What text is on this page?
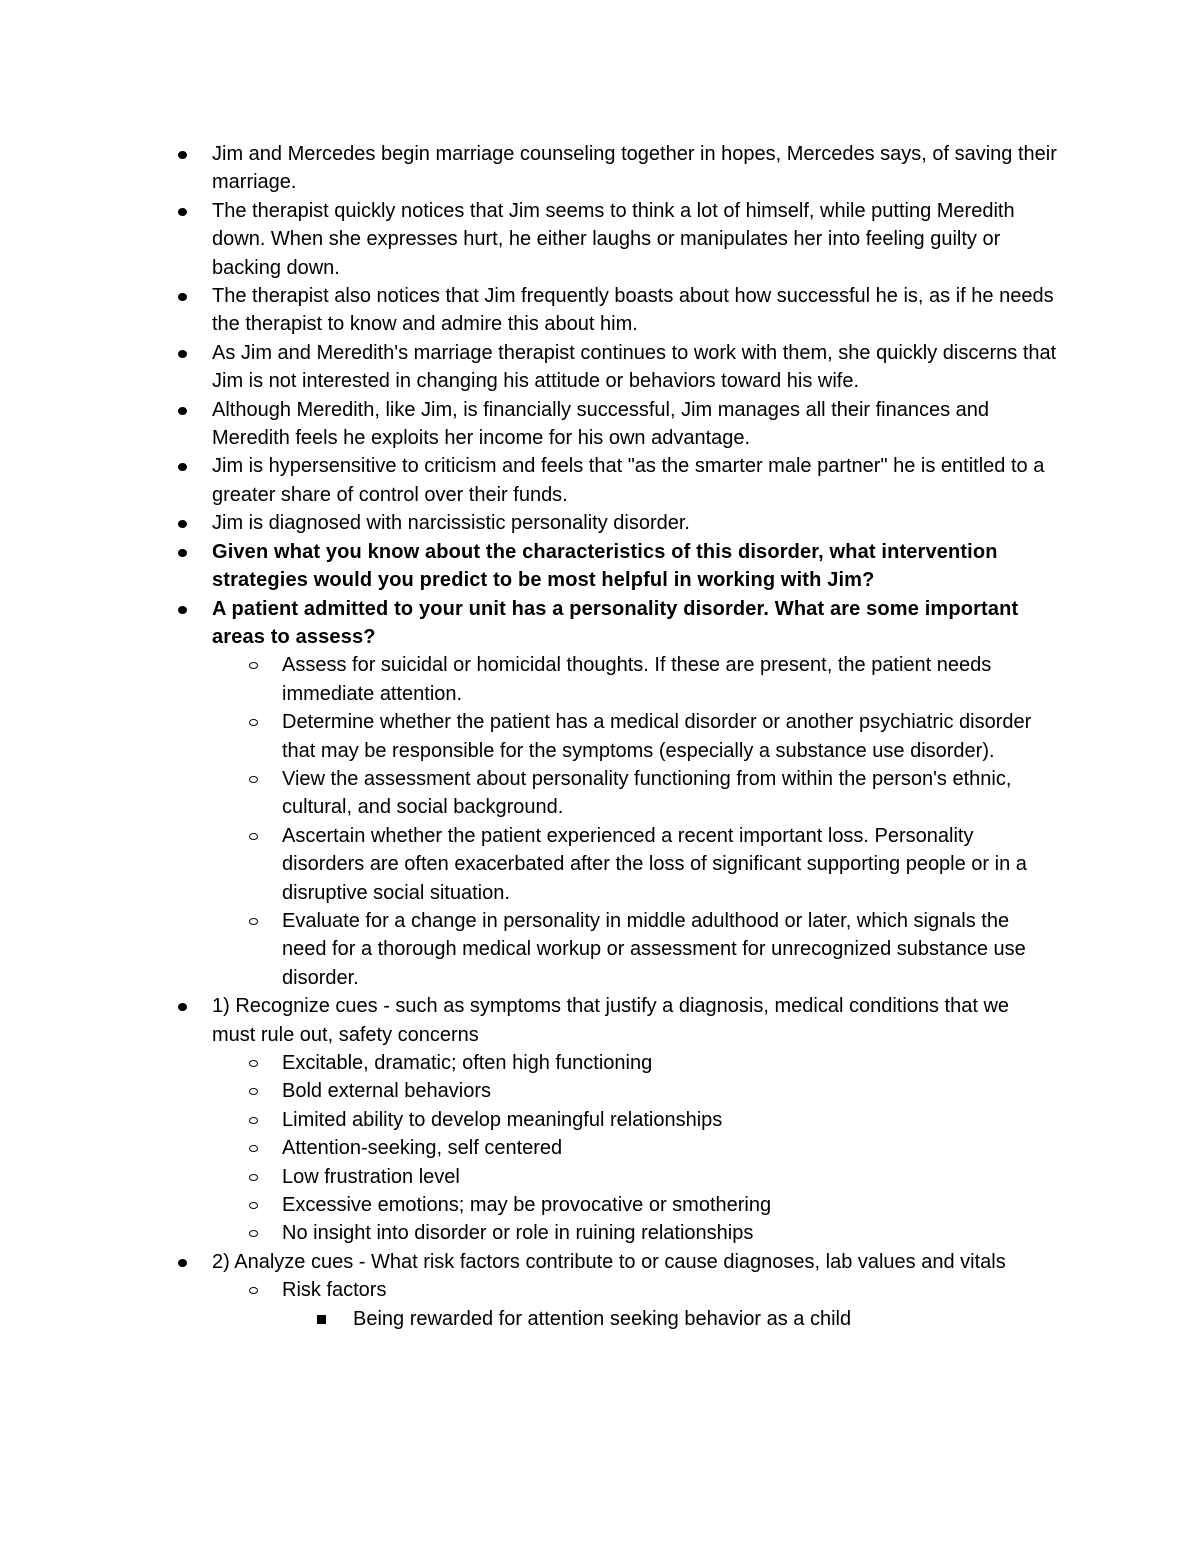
Jim and Mercedes begin marriage counseling together in hopes, Mercedes says, of saving their marriage.
The therapist quickly notices that Jim seems to think a lot of himself, while putting Meredith down. When she expresses hurt, he either laughs or manipulates her into feeling guilty or backing down.
The therapist also notices that Jim frequently boasts about how successful he is, as if he needs the therapist to know and admire this about him.
As Jim and Meredith's marriage therapist continues to work with them, she quickly discerns that Jim is not interested in changing his attitude or behaviors toward his wife.
Although Meredith, like Jim, is financially successful, Jim manages all their finances and Meredith feels he exploits her income for his own advantage.
Jim is hypersensitive to criticism and feels that "as the smarter male partner" he is entitled to a greater share of control over their funds.
Jim is diagnosed with narcissistic personality disorder.
Given what you know about the characteristics of this disorder, what intervention strategies would you predict to be most helpful in working with Jim?
A patient admitted to your unit has a personality disorder. What are some important areas to assess?
Assess for suicidal or homicidal thoughts. If these are present, the patient needs immediate attention.
Determine whether the patient has a medical disorder or another psychiatric disorder that may be responsible for the symptoms (especially a substance use disorder).
View the assessment about personality functioning from within the person's ethnic, cultural, and social background.
Ascertain whether the patient experienced a recent important loss. Personality disorders are often exacerbated after the loss of significant supporting people or in a disruptive social situation.
Evaluate for a change in personality in middle adulthood or later, which signals the need for a thorough medical workup or assessment for unrecognized substance use disorder.
1) Recognize cues - such as symptoms that justify a diagnosis, medical conditions that we must rule out, safety concerns
Excitable, dramatic; often high functioning
Bold external behaviors
Limited ability to develop meaningful relationships
Attention-seeking, self centered
Low frustration level
Excessive emotions; may be provocative or smothering
No insight into disorder or role in ruining relationships
2) Analyze cues - What risk factors contribute to or cause diagnoses, lab values and vitals
Risk factors
Being rewarded for attention seeking behavior as a child
